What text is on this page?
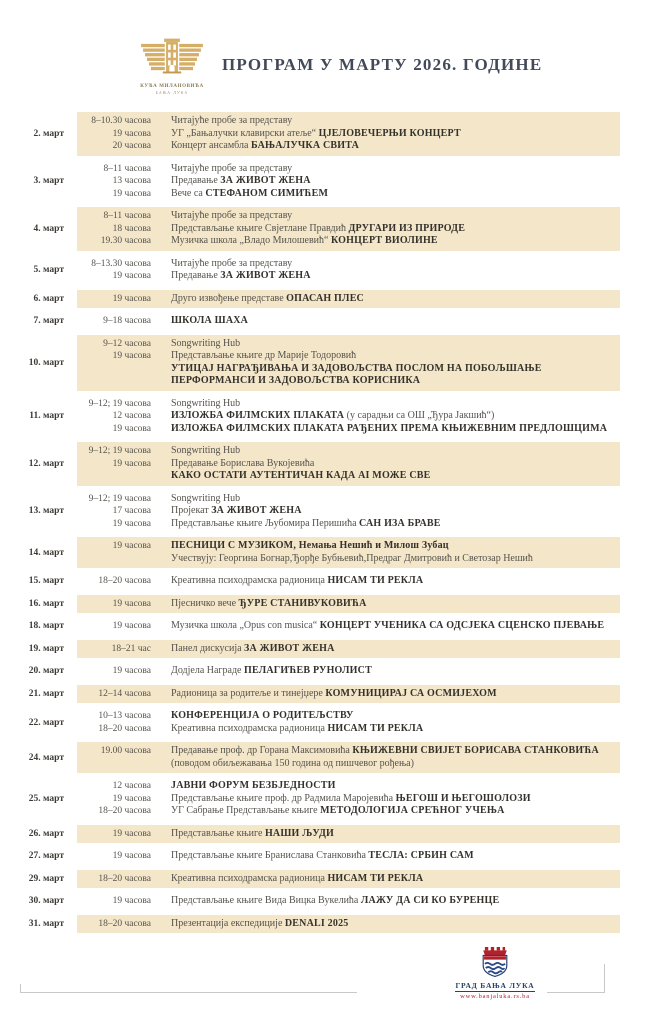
КУЋА МИЛАНОВИЋА
БАЊА ЛУКА
ПРОГРАМ У МАРТУ 2026. ГОДИНЕ
2. март
8–10.30 часова Читајуће пробе за представу
19 часова УГ „Бањалучки клавирски атеље“ ЦЈЕЛОВЕЧЕРЊИ КОНЦЕРТ
20 часова Концерт ансамбла БАЊАЛУЧКА СВИТА
3. март
8–11 часова Читајуће пробе за представу
13 часова Предавање ЗА ЖИВОТ ЖЕНА
19 часова Вече са СТЕФАНОМ СИМИЋЕМ
4. март
8–11 часова Читајуће пробе за представу
18 часова Представљање књиге Свјетлане Правдић ДРУГАРИ ИЗ ПРИРОДЕ
19.30 часова Музичка школа „Владо Милошевић“ КОНЦЕРТ ВИОЛИНЕ
5. март
8–13.30 часова Читајуће пробе за представу
19 часова Предавање ЗА ЖИВОТ ЖЕНА
6. март	19 часова Друго извођење представе ОПАСАН ПЛЕС
7. март	9–18 часова ШКОЛА ШАХА
10. март
9–12 часова Songwriting Hub
19 часова Представљање књиге др Марије Тодоровић
УТИЦАЈ НАГРАЂИВАЊА И ЗАДОВОЉСТВА ПОСЛОМ НА ПОБОЉШАЊЕ
ПЕРФОРМАНСИ И ЗАДОВОЉСТВА КОРИСНИКА
11. март
9–12; 19 часова Songwriting Hub
12 часова ИЗЛОЖБА ФИЛМСКИХ ПЛАКАТА (у сарадњи са ОШ „Ђура Јакшић“)
19 часова ИЗЛОЖБА ФИЛМСКИХ ПЛАКАТА РАЂЕНИХ ПРЕМА КЊИЖЕВНИМ ПРЕДЛОШЦИМА
12. март
9–12; 19 часова Songwriting Hub
19 часова Предавање Борислава Вукојевића
КАКО ОСТАТИ АУТЕНТИЧАН КАДА AI МОЖЕ СВЕ
13. март
9–12; 19 часова Songwriting Hub
17 часова Пројекат ЗА ЖИВОТ ЖЕНА
19 часова Представљање књиге Љубомира Перишића САН ИЗА БРАВЕ
14. март
19 часова ПЕСНИЦИ С МУЗИКОМ, Немања Нешић и Милош Зубац
Учествују: Георгина Богнар,Ђорђе Бубњевић,Предраг Дмитровић и Светозар Нешић
15. март	18–20 часова Креативна психодрамска радионица НИСАМ ТИ РЕКЛА
16. март	19 часова Пјесничко вече ЂУРЕ СТАНИВУКОВИЋА
18. март	19 часова Музичка школа „Opus con musica“ КОНЦЕРТ УЧЕНИКА СА ОДСЈЕКА СЦЕНСКО ПЈЕВАЊЕ
19. март	18–21 час Панел дискусија ЗА ЖИВОТ ЖЕНА
20. март	19 часова Додјела Награде ПЕЛАГИЋЕВ РУНОЛИСТ
21. март	12–14 часова Радионица за родитеље и тинејџере КОМУНИЦИРАЈ СА ОСМИЈЕХОМ
22. март
10–13 часова КОНФЕРЕНЦИЈА О РОДИТЕЉСТВУ
18–20 часова Креативна психодрамска радионица НИСАМ ТИ РЕКЛА
24. март
19.00 часова Предавање проф. др Горана Максимовића КЊИЖЕВНИ СВИЈЕТ БОРИСАВА СТАНКОВИЋА
(поводом обиљежавања 150 година од пишчевог рођења)
25. март
12 часова ЈАВНИ ФОРУМ БЕЗБЈЕДНОСТИ
19 часова Представљање књиге проф. др Радмила Маројевића ЊЕГОШ И ЊЕГОШОЛОЗИ
18–20 часова УГ Сабрање Представљање књиге МЕТОДОЛОГИЈА СРЕЋНОГ УЧЕЊА
26. март	19 часова Представљање књиге НАШИ ЉУДИ
27. март	19 часова Представљање књиге Бранислава Станковића ТЕСЛА: СРБИН САМ
29. март	18–20 часова Креативна психодрамска радионица НИСАМ ТИ РЕКЛА
30. март	19 часова Представљање књиге Вида Вицка Вукелића ЛАЖУ ДА СИ КО БУРЕНЦЕ
31. март	18–20 часова Презентација експедиције DENALI 2025
ГРАД БАЊА ЛУКА
www.banjaluka.rs.ba
